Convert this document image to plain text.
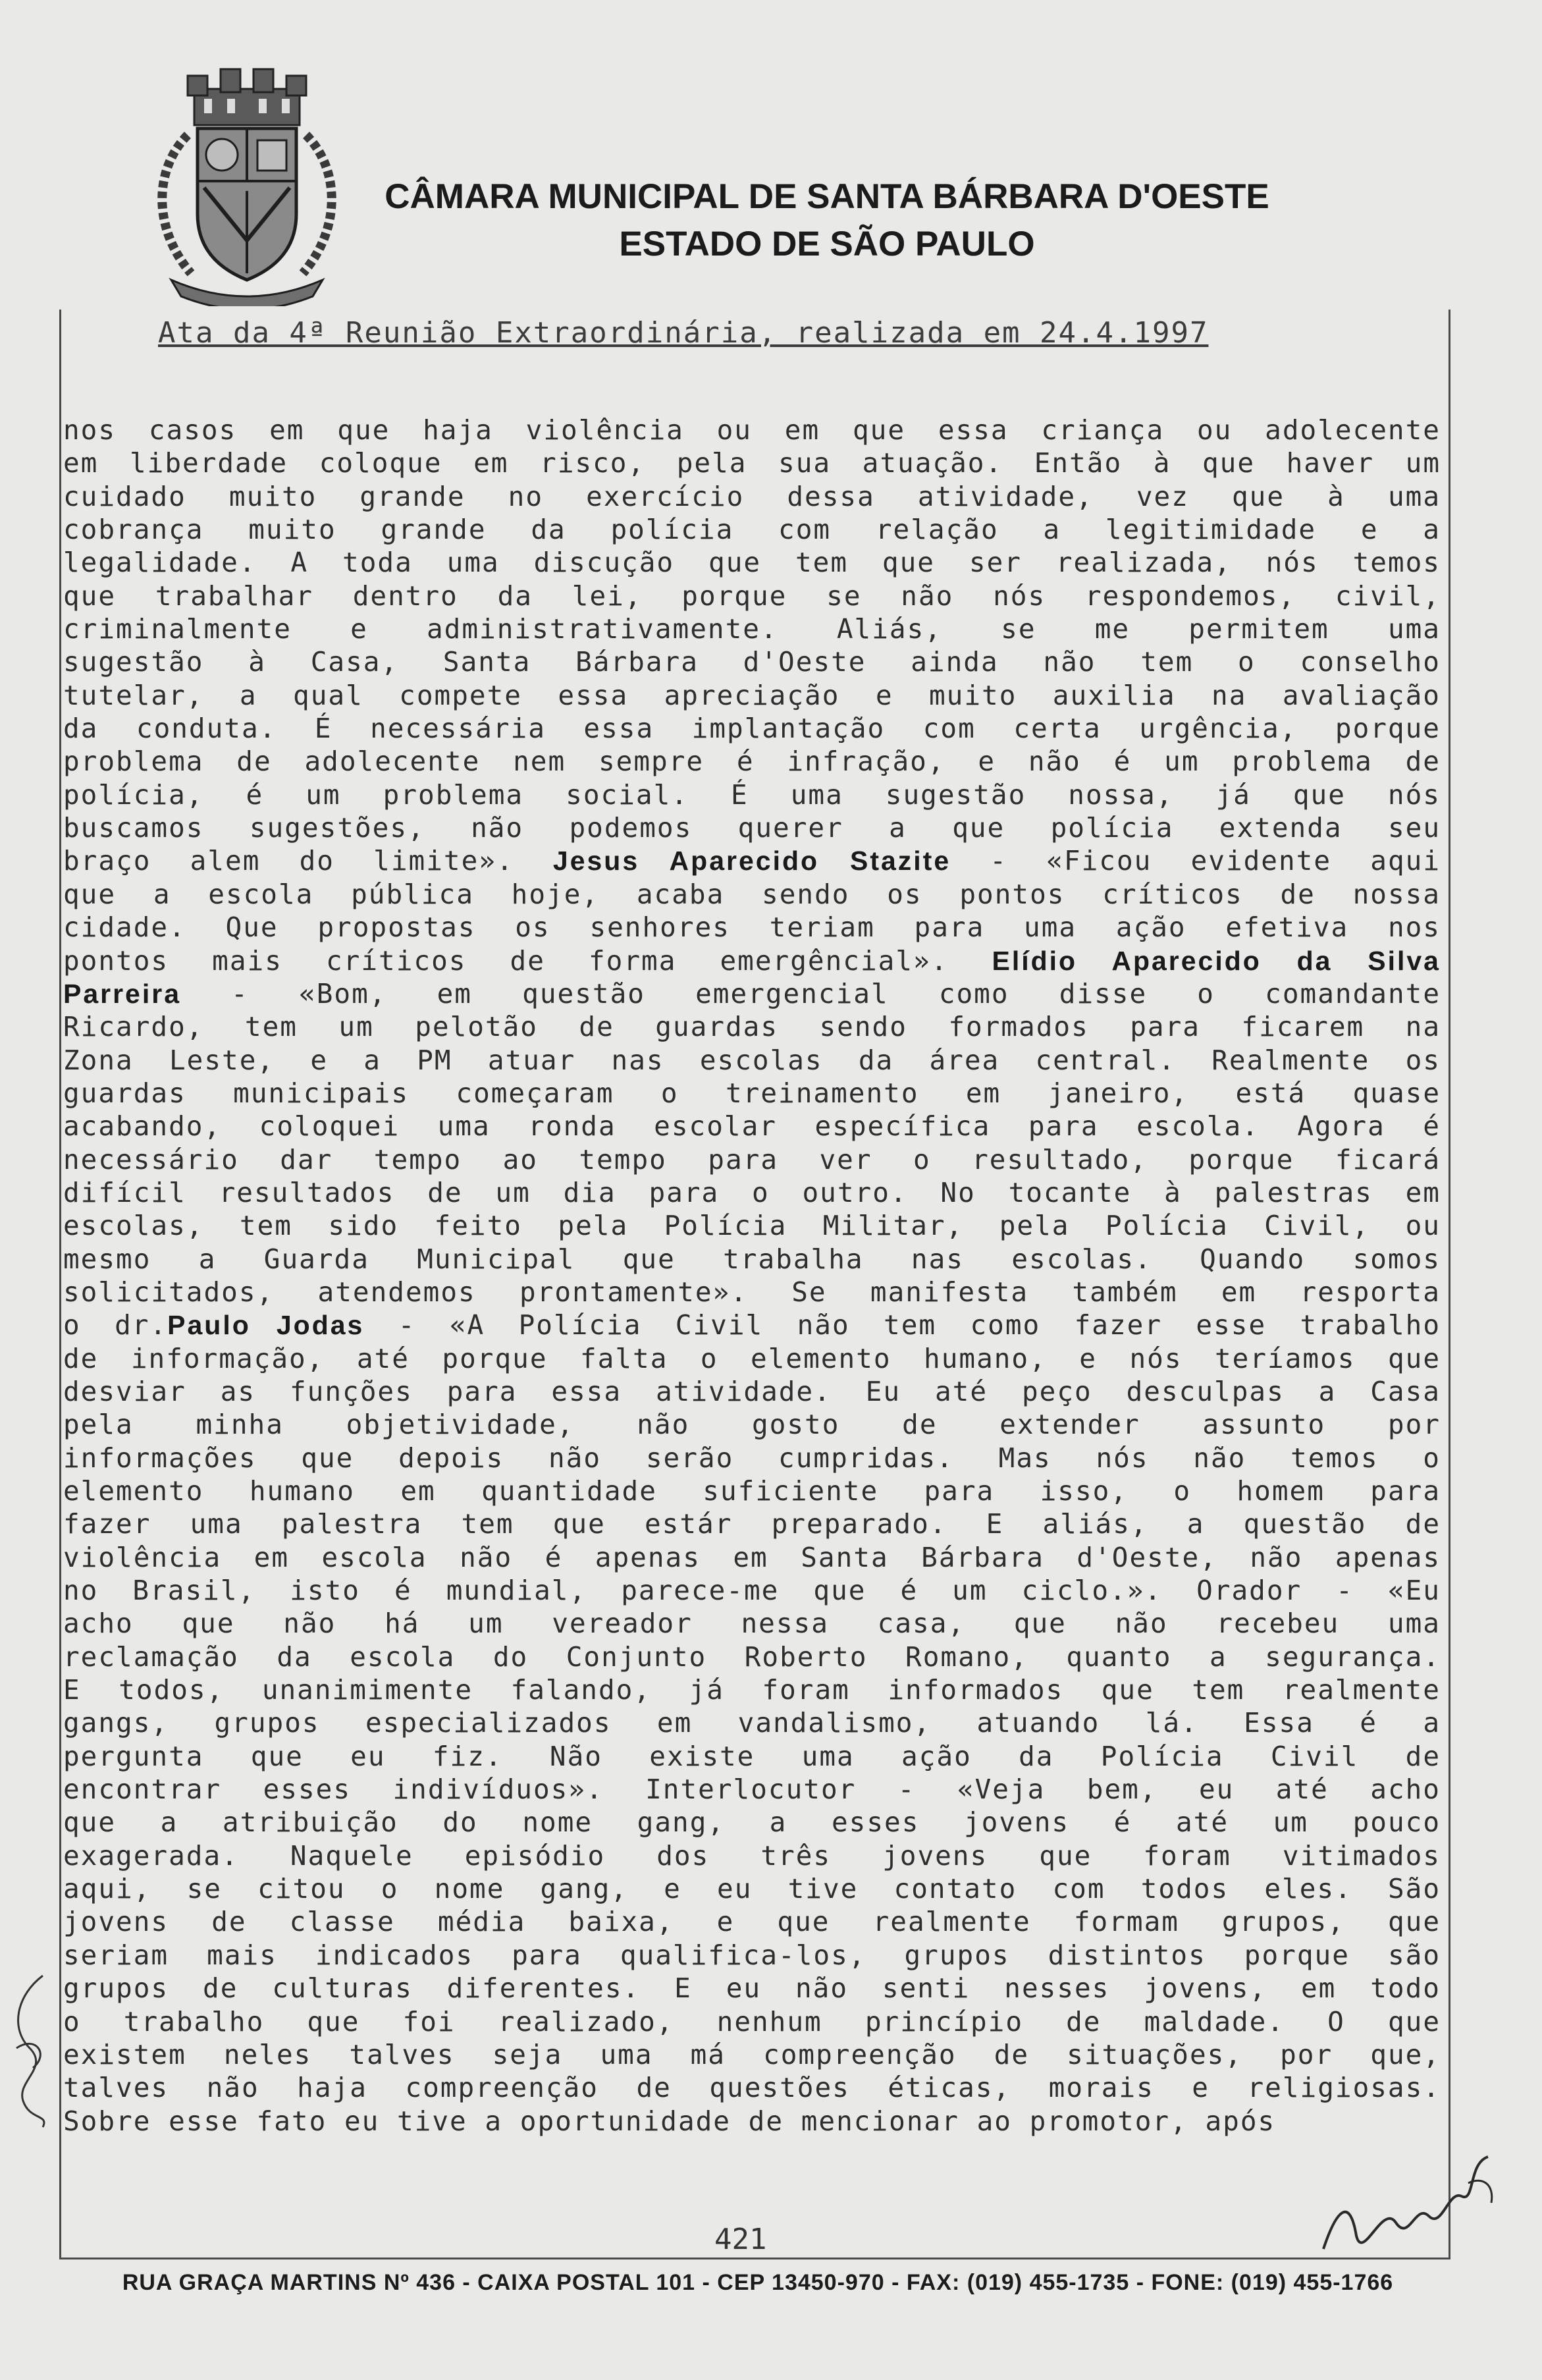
CÂMARA MUNICIPAL DE SANTA BÁRBARA D'OESTE
ESTADO DE SÃO PAULO
Ata da 4ª Reunião Extraordinária, realizada em 24.4.1997
nos casos em que haja violência ou em que essa criança ou adolecente
em liberdade coloque em risco, pela sua atuação. Então à que haver um
cuidado muito grande no exercício dessa atividade, vez que à uma
cobrança muito grande da polícia com relação a legitimidade e a
legalidade. A toda uma discução que tem que ser realizada, nós temos
que trabalhar dentro da lei, porque se não nós respondemos, civil,
criminalmente e administrativamente. Aliás, se me permitem uma
sugestão à Casa, Santa Bárbara d'Oeste ainda não tem o conselho
tutelar, a qual compete essa apreciação e muito auxilia na avaliação
da conduta. É necessária essa implantação com certa urgência, porque
problema de adolecente nem sempre é infração, e não é um problema de
polícia, é um problema social. É uma sugestão nossa, já que nós
buscamos sugestões, não podemos querer a que polícia extenda seu
braço alem do limite». Jesus Aparecido Stazite - «Ficou evidente aqui
que a escola pública hoje, acaba sendo os pontos críticos de nossa
cidade. Que propostas os senhores teriam para uma ação efetiva nos
pontos mais críticos de forma emergêncial». Elídio Aparecido da Silva
Parreira - «Bom, em questão emergencial como disse o comandante
Ricardo, tem um pelotão de guardas sendo formados para ficarem na
Zona Leste, e a PM atuar nas escolas da área central. Realmente os
guardas municipais começaram o treinamento em janeiro, está quase
acabando, coloquei uma ronda escolar específica para escola. Agora é
necessário dar tempo ao tempo para ver o resultado, porque ficará
difícil resultados de um dia para o outro. No tocante à palestras em
escolas, tem sido feito pela Polícia Militar, pela Polícia Civil, ou
mesmo a Guarda Municipal que trabalha nas escolas. Quando somos
solicitados, atendemos prontamente». Se manifesta também em resporta
o dr.Paulo Jodas - «A Polícia Civil não tem como fazer esse trabalho
de informação, até porque falta o elemento humano, e nós teríamos que
desviar as funções para essa atividade. Eu até peço desculpas a Casa
pela minha objetividade, não gosto de extender assunto por
informações que depois não serão cumpridas. Mas nós não temos o
elemento humano em quantidade suficiente para isso, o homem para
fazer uma palestra tem que estár preparado. E aliás, a questão de
violência em escola não é apenas em Santa Bárbara d'Oeste, não apenas
no Brasil, isto é mundial, parece-me que é um ciclo.». Orador - «Eu
acho que não há um vereador nessa casa, que não recebeu uma
reclamação da escola do Conjunto Roberto Romano, quanto a segurança.
E todos, unanimimente falando, já foram informados que tem realmente
gangs, grupos especializados em vandalismo, atuando lá. Essa é a
pergunta que eu fiz. Não existe uma ação da Polícia Civil de
encontrar esses indivíduos». Interlocutor - «Veja bem, eu até acho
que a atribuição do nome gang, a esses jovens é até um pouco
exagerada. Naquele episódio dos três jovens que foram vitimados
aqui, se citou o nome gang, e eu tive contato com todos eles. São
jovens de classe média baixa, e que realmente formam grupos, que
seriam mais indicados para qualifica-los, grupos distintos porque são
grupos de culturas diferentes. E eu não senti nesses jovens, em todo
o trabalho que foi realizado, nenhum princípio de maldade. O que
existem neles talves seja uma má compreenção de situações, por que,
talves não haja compreenção de questões éticas, morais e religiosas.
Sobre esse fato eu tive a oportunidade de mencionar ao promotor, após
421
RUA GRAÇA MARTINS Nº 436 - CAIXA POSTAL 101 - CEP 13450-970 - FAX: (019) 455-1735 - FONE: (019) 455-1766
